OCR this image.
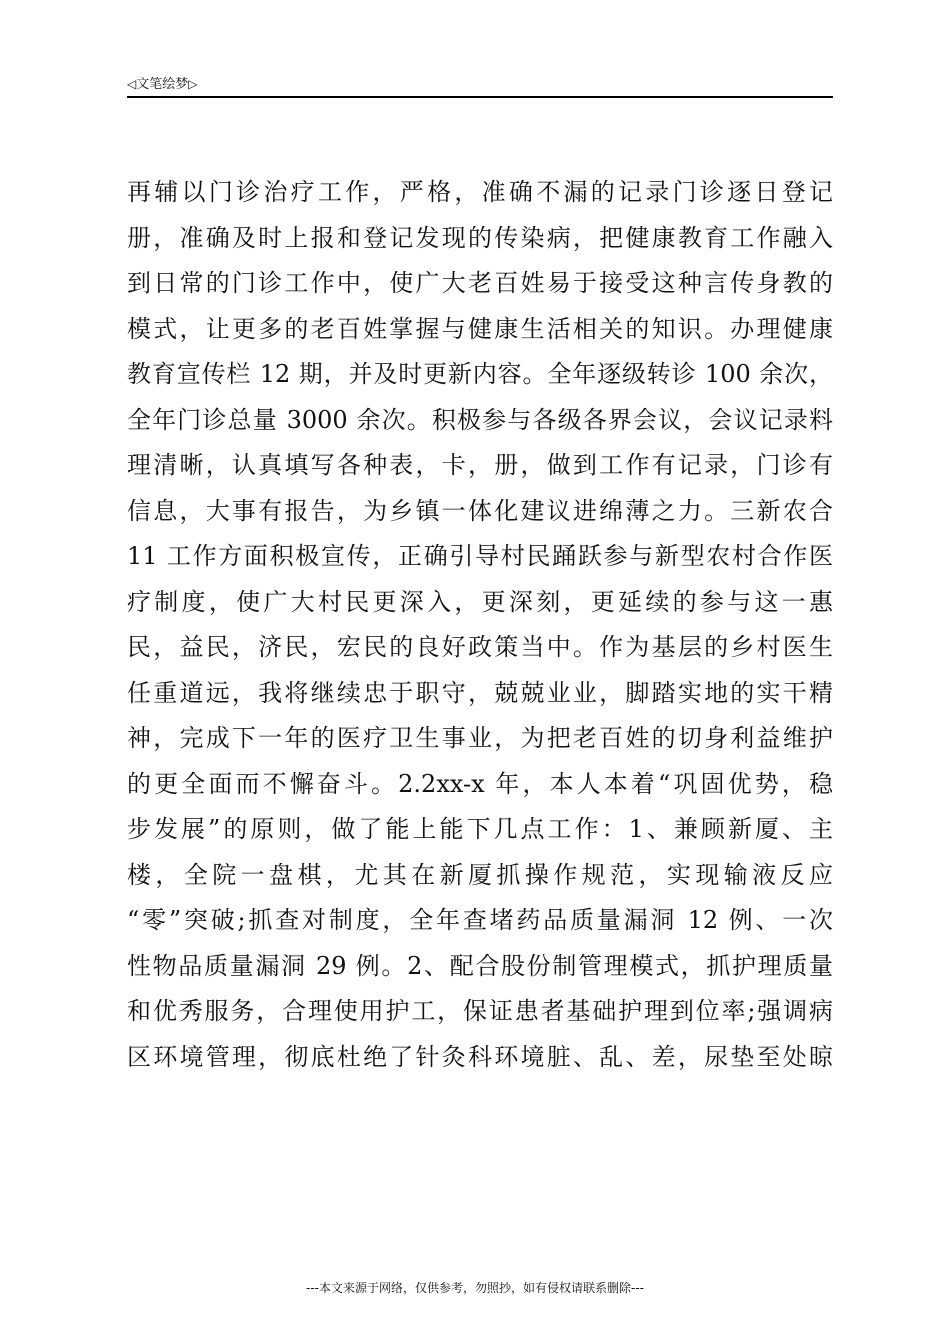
◁文笔绘梦▷
再辅以门诊治疗工作，严格，准确不漏的记录门诊逐日登记
册，准确及时上报和登记发现的传染病，把健康教育工作融入
到日常的门诊工作中，使广大老百姓易于接受这种言传身教的
模式，让更多的老百姓掌握与健康生活相关的知识。办理健康
教育宣传栏 12 期，并及时更新内容。全年逐级转诊 100 余次，
全年门诊总量 3000 余次。积极参与各级各界会议，会议记录料
理清晰，认真填写各种表，卡，册，做到工作有记录，门诊有
信息，大事有报告，为乡镇一体化建议进绵薄之力。三新农合
11 工作方面积极宣传，正确引导村民踊跃参与新型农村合作医
疗制度，使广大村民更深入，更深刻，更延续的参与这一惠
民，益民，济民，宏民的良好政策当中。作为基层的乡村医生
任重道远，我将继续忠于职守，兢兢业业，脚踏实地的实干精
神，完成下一年的医疗卫生事业，为把老百姓的切身利益维护
的更全面而不懈奋斗。2.2xx-x 年，本人本着“巩固优势，稳
步发展”的原则，做了能上能下几点工作：1、兼顾新厦、主
楼，全院一盘棋，尤其在新厦抓操作规范，实现输液反应
“零”突破;抓查对制度，全年查堵药品质量漏洞 12 例、一次
性物品质量漏洞 29 例。2、配合股份制管理模式，抓护理质量
和优秀服务，合理使用护工，保证患者基础护理到位率;强调病
区环境管理，彻底杜绝了针灸科环境脏、乱、差，尿垫至处晾
---本文来源于网络，仅供参考，勿照抄，如有侵权请联系删除---
